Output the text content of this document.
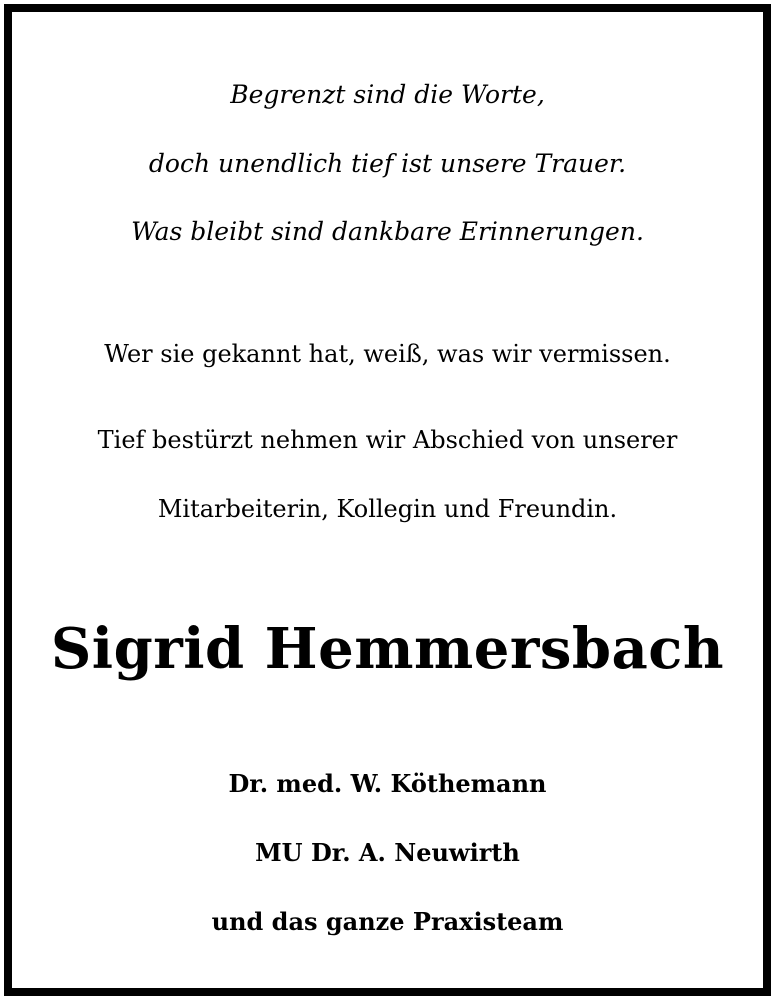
Begrenzt sind die Worte,
doch unendlich tief ist unsere Trauer.
Was bleibt sind dankbare Erinnerungen.
Wer sie gekannt hat, weiß, was wir vermissen.
Tief bestürzt nehmen wir Abschied von unserer
Mitarbeiterin, Kollegin und Freundin.
Sigrid Hemmersbach
Dr. med. W. Köthemann
MU Dr. A. Neuwirth
und das ganze Praxisteam
